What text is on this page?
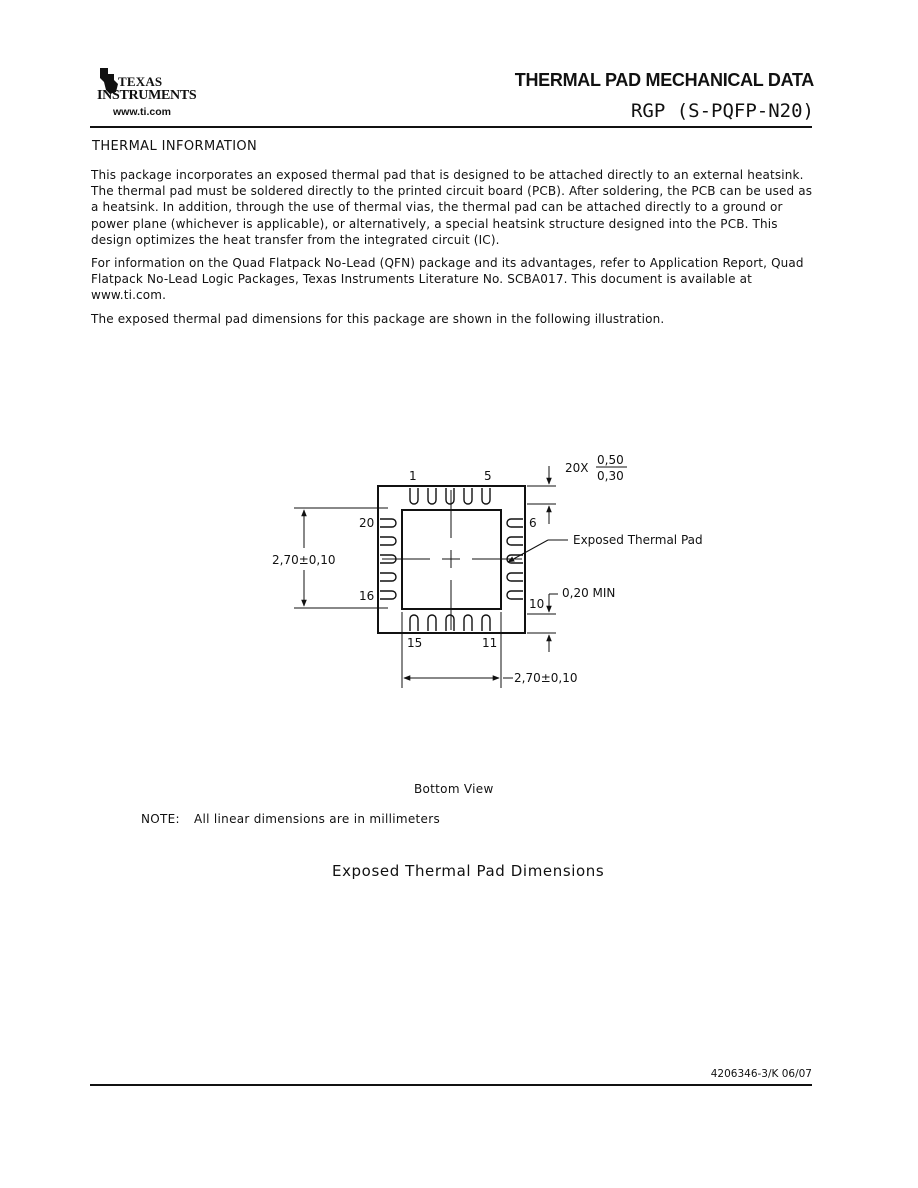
TEXAS
INSTRUMENTS
www.ti.com
THERMAL PAD MECHANICAL DATA
RGP (S-PQFP-N20)
THERMAL INFORMATION

This package incorporates an exposed thermal pad that is designed to be attached directly to an external heatsink. The thermal pad must be soldered directly to the printed circuit board (PCB). After soldering, the PCB can be used as a heatsink. In addition, through the use of thermal vias, the thermal pad can be attached directly to a ground or power plane (whichever is applicable), or alternatively, a special heatsink structure designed into the PCB. This design optimizes the heat transfer from the integrated circuit (IC).

For information on the Quad Flatpack No-Lead (QFN) package and its advantages, refer to Application Report, Quad Flatpack No-Lead Logic Packages, Texas Instruments Literature No. SCBA017. This document is available at www.ti.com.

The exposed thermal pad dimensions for this package are shown in the following illustration.

1	5
20	6
16
10
15	11
20X
0,50
0,30
Exposed Thermal Pad
2,70±0,10
0,20 MIN
2,70±0,10
Bottom View
NOTE: All linear dimensions are in millimeters
Exposed Thermal Pad Dimensions
4206346-3/K 06/07
